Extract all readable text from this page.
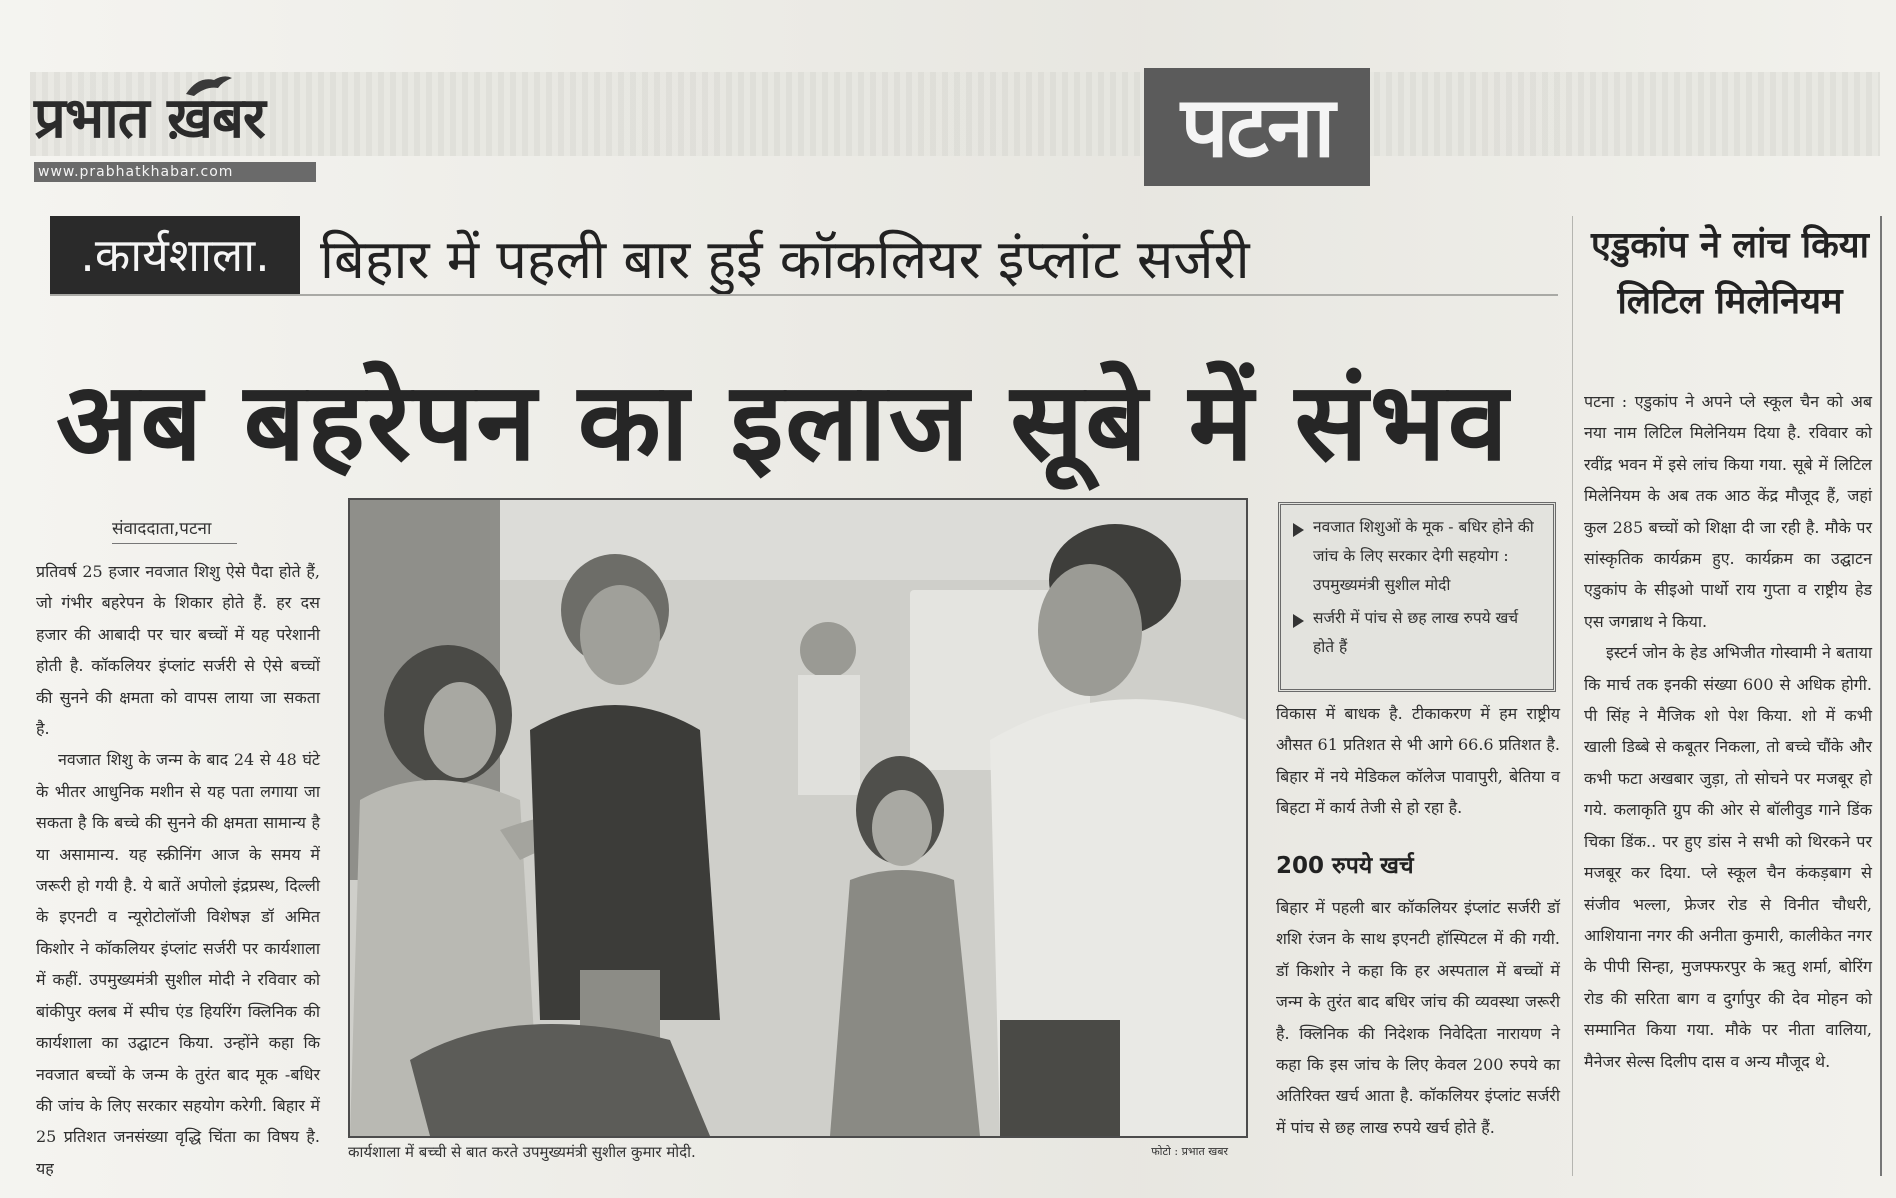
प्रभात ख़बर
www.prabhatkhabar.com	पटना
.कार्यशाला. बिहार में पहली बार हुई कॉकलियर इंप्लांट सर्जरी
अब बहरेपन का इलाज सूबे में संभव
संवाददाता,पटना

प्रतिवर्ष 25 हजार नवजात शिशु ऐसे पैदा होते हैं, जो गंभीर बहरेपन के शिकार होते हैं. हर दस हजार की आबादी पर चार बच्चों में यह परेशानी होती है. कॉकलियर इंप्लांट सर्जरी से ऐसे बच्चों की सुनने की क्षमता को वापस लाया जा सकता है.

नवजात शिशु के जन्म के बाद 24 से 48 घंटे के भीतर आधुनिक मशीन से यह पता लगाया जा सकता है कि बच्चे की सुनने की क्षमता सामान्य है या असामान्य. यह स्क्रीनिंग आज के समय में जरूरी हो गयी है. ये बातें अपोलो इंद्रप्रस्थ, दिल्ली के इएनटी व न्यूरोटोलॉजी विशेषज्ञ डॉ अमित किशोर ने कॉकलियर इंप्लांट सर्जरी पर कार्यशाला में कहीं. उपमुख्यमंत्री सुशील मोदी ने रविवार को बांकीपुर क्लब में स्पीच एंड हियरिंग क्लिनिक की कार्यशाला का उद्घाटन किया. उन्होंने कहा कि नवजात बच्चों के जन्म के तुरंत बाद मूक -बधिर की जांच के लिए सरकार सहयोग करेगी. बिहार में 25 प्रतिशत जनसंख्या वृद्धि चिंता का विषय है. यह

कार्यशाला में बच्ची से बात करते उपमुख्यमंत्री सुशील कुमार मोदी.	फोटो : प्रभात खबर
नवजात शिशुओं के मूक - बधिर होने की जांच के लिए सरकार देगी सहयोग : उपमुख्यमंत्री सुशील मोदी
सर्जरी में पांच से छह लाख रुपये खर्च होते हैं

विकास में बाधक है. टीकाकरण में हम राष्ट्रीय औसत 61 प्रतिशत से भी आगे 66.6 प्रतिशत है. बिहार में नये मेडिकल कॉलेज पावापुरी, बेतिया व बिहटा में कार्य तेजी से हो रहा है.

200 रुपये खर्च

बिहार में पहली बार कॉकलियर इंप्लांट सर्जरी डॉ शशि रंजन के साथ इएनटी हॉस्पिटल में की गयी. डॉ किशोर ने कहा कि हर अस्पताल में बच्चों में जन्म के तुरंत बाद बधिर जांच की व्यवस्था जरूरी है. क्लिनिक की निदेशक निवेदिता नारायण ने कहा कि इस जांच के लिए केवल 200 रुपये का अतिरिक्त खर्च आता है. कॉकलियर इंप्लांट सर्जरी में पांच से छह लाख रुपये खर्च होते हैं.

एडुकांप ने लांच किया लिटिल मिलेनियम

पटना : एडुकांप ने अपने प्ले स्कूल चैन को अब नया नाम लिटिल मिलेनियम दिया है. रविवार को रवींद्र भवन में इसे लांच किया गया. सूबे में लिटिल मिलेनियम के अब तक आठ केंद्र मौजूद हैं, जहां कुल 285 बच्चों को शिक्षा दी जा रही है. मौके पर सांस्कृतिक कार्यक्रम हुए. कार्यक्रम का उद्घाटन एडुकांप के सीइओ पार्थो राय गुप्ता व राष्ट्रीय हेड एस जगन्नाथ ने किया.

इस्टर्न जोन के हेड अभिजीत गोस्वामी ने बताया कि मार्च तक इनकी संख्या 600 से अधिक होगी. पी सिंह ने मैजिक शो पेश किया. शो में कभी खाली डिब्बे से कबूतर निकला, तो बच्चे चौंके और कभी फटा अखबार जुड़ा, तो सोचने पर मजबूर हो गये. कलाकृति ग्रुप की ओर से बॉलीवुड गाने डिंक चिका डिंक.. पर हुए डांस ने सभी को थिरकने पर मजबूर कर दिया. प्ले स्कूल चैन कंकड़बाग से संजीव भल्ला, फ्रेजर रोड से विनीत चौधरी, आशियाना नगर की अनीता कुमारी, कालीकेत नगर के पीपी सिन्हा, मुजफ्फरपुर के ऋतु शर्मा, बोरिंग रोड की सरिता बाग व दुर्गापुर की देव मोहन को सम्मानित किया गया. मौके पर नीता वालिया, मैनेजर सेल्स दिलीप दास व अन्य मौजूद थे.
